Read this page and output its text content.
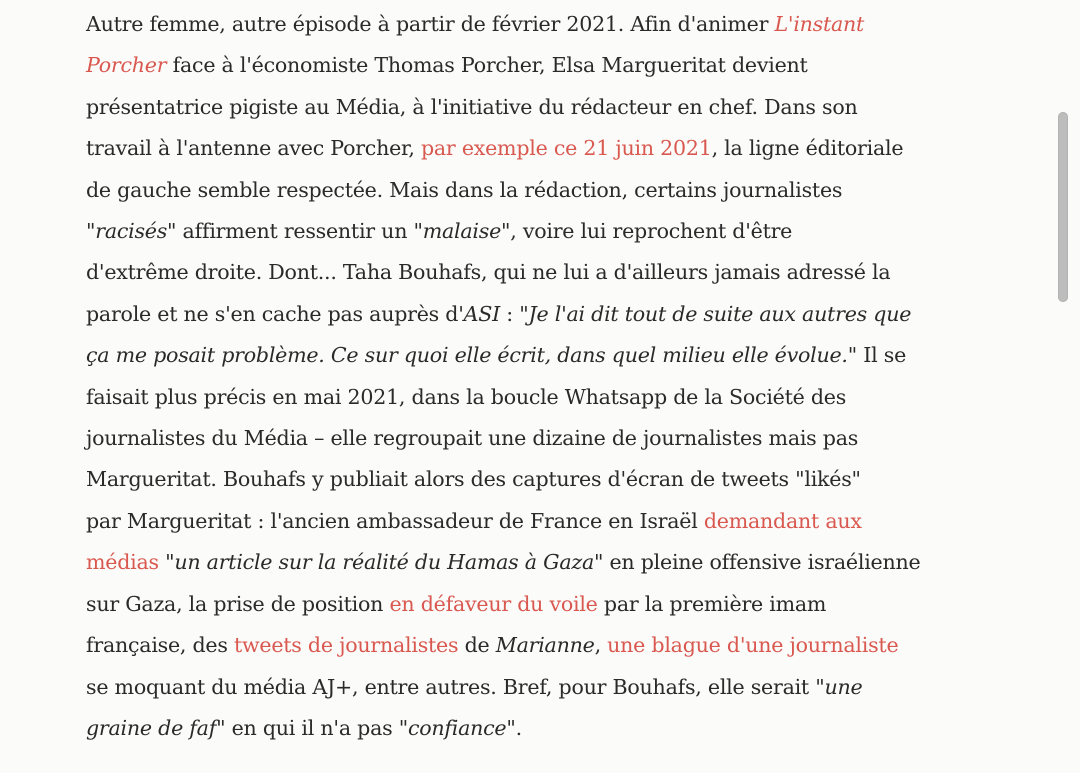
Autre femme, autre épisode à partir de février 2021. Afin d'animer L'instant
Porcher face à l'économiste Thomas Porcher, Elsa Margueritat devient
présentatrice pigiste au Média, à l'initiative du rédacteur en chef. Dans son
travail à l'antenne avec Porcher, par exemple ce 21 juin 2021, la ligne éditoriale
de gauche semble respectée. Mais dans la rédaction, certains journalistes
"racisés" affirment ressentir un "malaise", voire lui reprochent d'être
d'extrême droite. Dont... Taha Bouhafs, qui ne lui a d'ailleurs jamais adressé la
parole et ne s'en cache pas auprès d'ASI : "Je l'ai dit tout de suite aux autres que
ça me posait problème. Ce sur quoi elle écrit, dans quel milieu elle évolue." Il se
faisait plus précis en mai 2021, dans la boucle Whatsapp de la Société des
journalistes du Média – elle regroupait une dizaine de journalistes mais pas
Margueritat. Bouhafs y publiait alors des captures d'écran de tweets "likés"
par Margueritat : l'ancien ambassadeur de France en Israël demandant aux
médias "un article sur la réalité du Hamas à Gaza" en pleine offensive israélienne
sur Gaza, la prise de position en défaveur du voile par la première imam
française, des tweets de journalistes de Marianne, une blague d'une journaliste
se moquant du média AJ+, entre autres. Bref, pour Bouhafs, elle serait "une
graine de faf" en qui il n'a pas "confiance".
